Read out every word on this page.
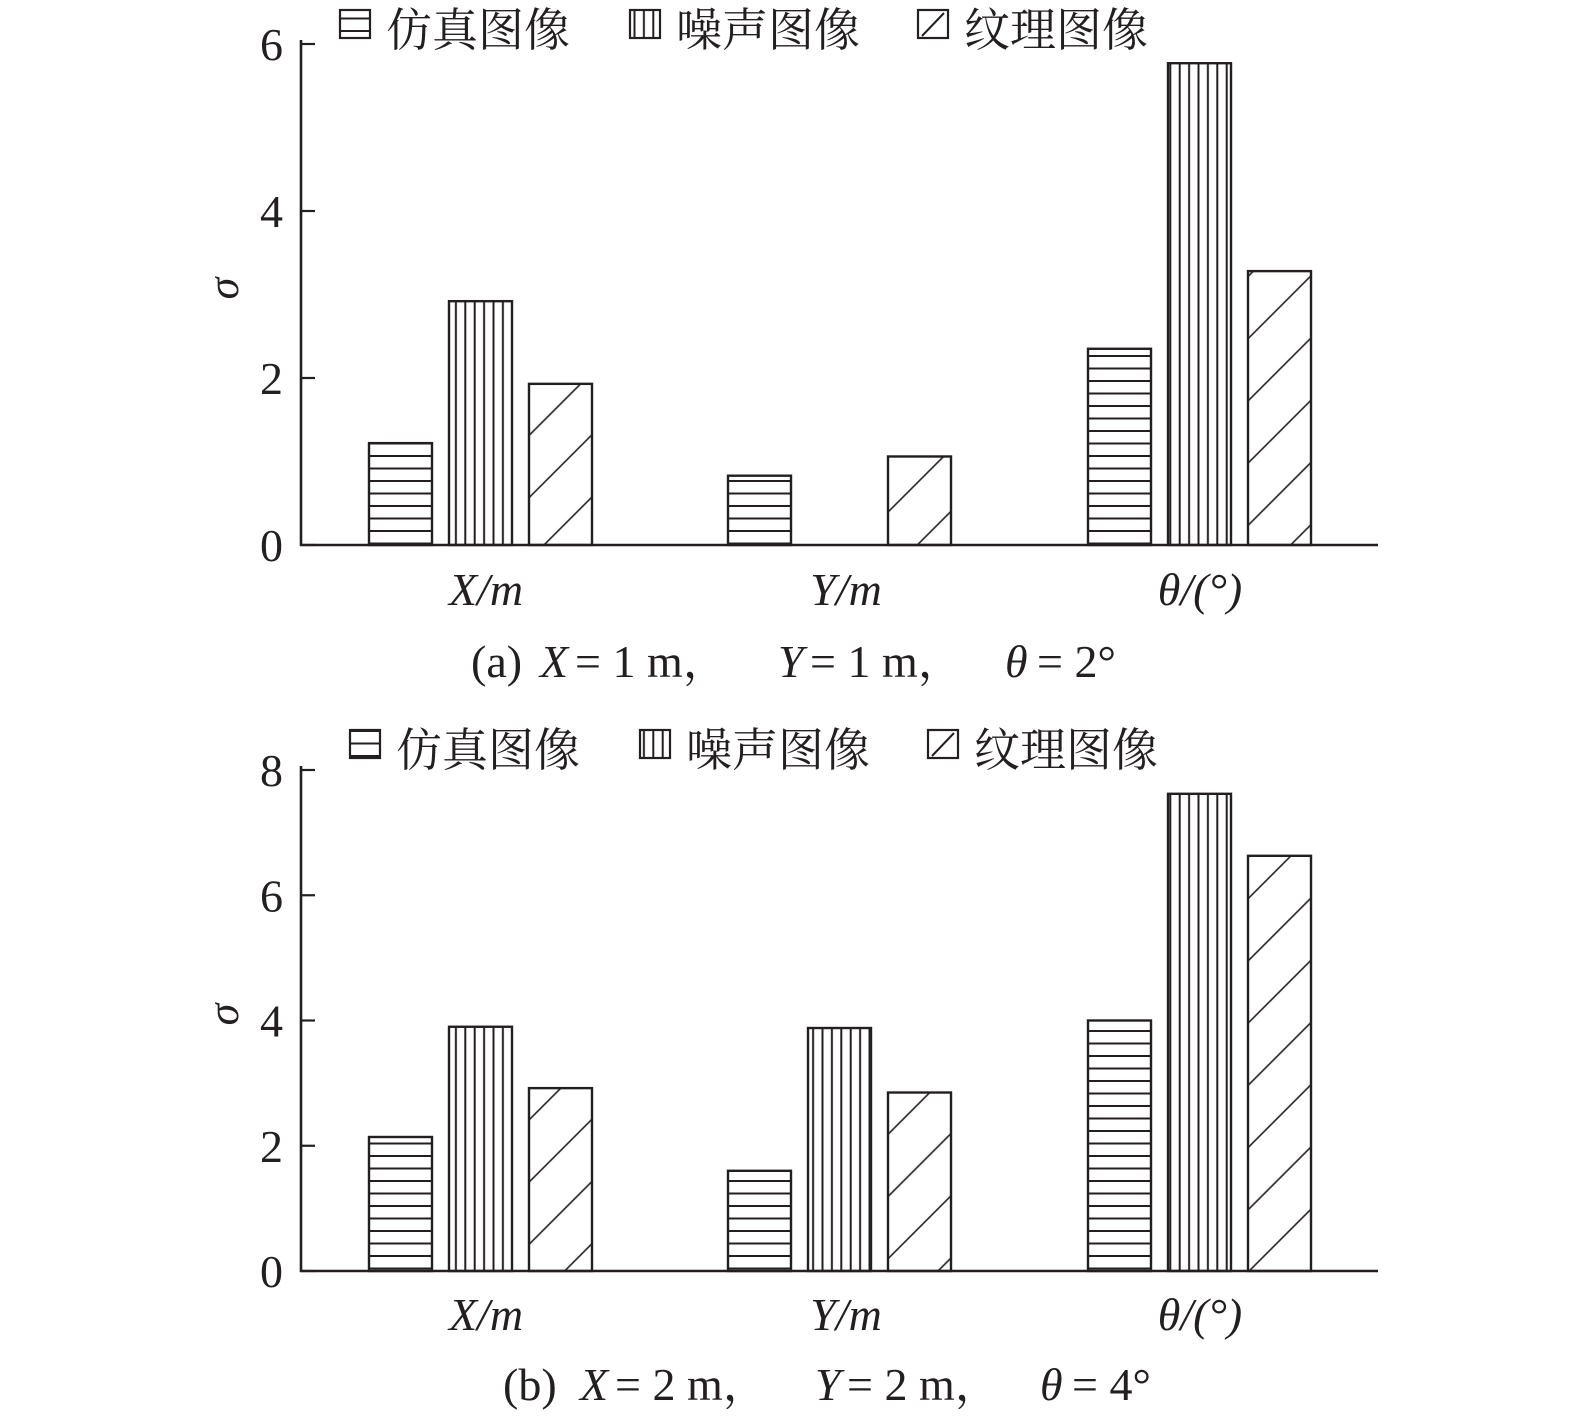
0
2
4
6
σ
X/m	Y/m	θ/(°)
仿真图像 噪声图像 纹理图像
(a) X = 1 m， Y = 1 m， θ = 2°
0
2
4
6
8
σ
X/m	Y/m	θ/(°)
仿真图像 噪声图像 纹理图像
(b) X = 2 m， Y = 2 m， θ = 4°
